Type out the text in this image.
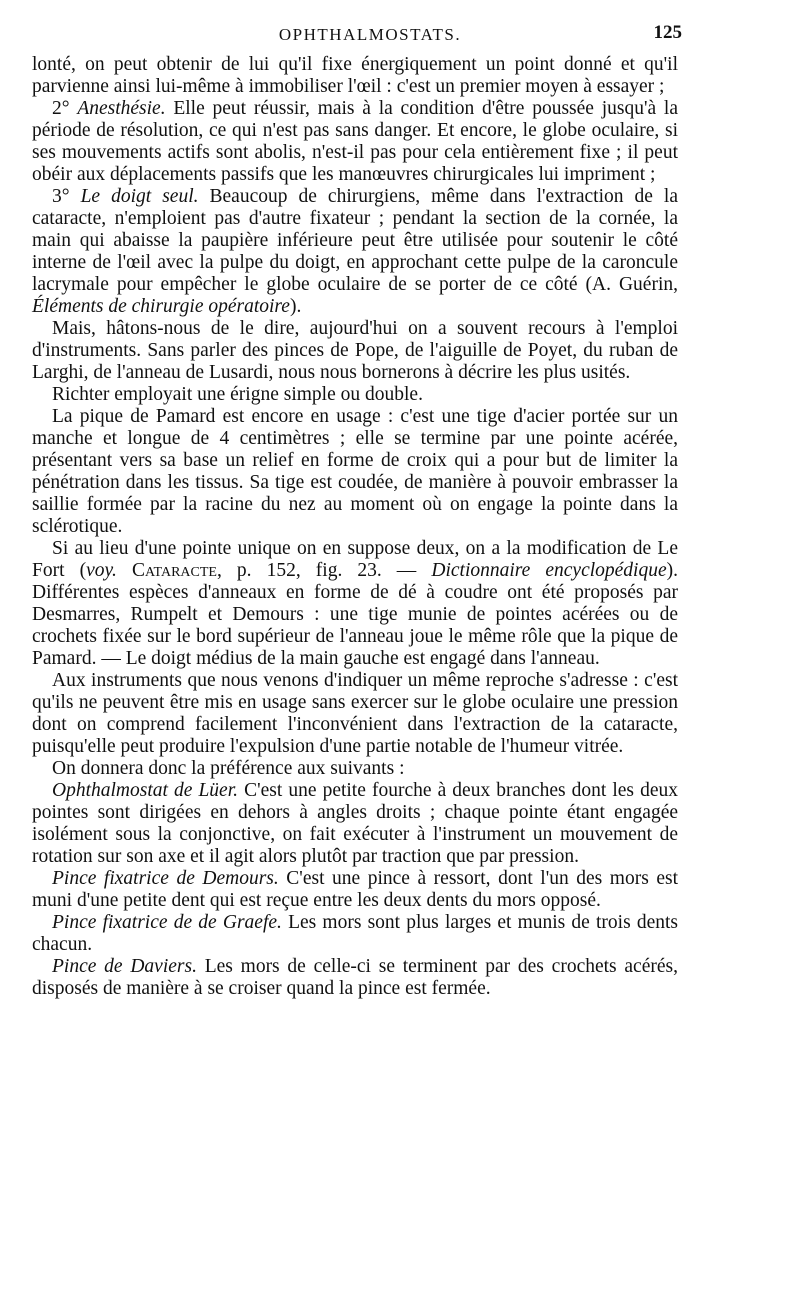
OPHTHALMOSTATS.	125

lonté, on peut obtenir de lui qu'il fixe énergiquement un point donné et qu'il parvienne ainsi lui-même à immobiliser l'œil : c'est un premier moyen à essayer ;

2° Anesthésie. Elle peut réussir, mais à la condition d'être poussée jusqu'à la période de résolution, ce qui n'est pas sans danger. Et encore, le globe oculaire, si ses mouvements actifs sont abolis, n'est-il pas pour cela entièrement fixe ; il peut obéir aux déplacements passifs que les manœuvres chirurgicales lui impriment ;

3° Le doigt seul. Beaucoup de chirurgiens, même dans l'extraction de la cataracte, n'emploient pas d'autre fixateur ; pendant la section de la cornée, la main qui abaisse la paupière inférieure peut être utilisée pour soutenir le côté interne de l'œil avec la pulpe du doigt, en approchant cette pulpe de la caroncule lacrymale pour empêcher le globe oculaire de se porter de ce côté (A. Guérin, Éléments de chirurgie opératoire).

Mais, hâtons-nous de le dire, aujourd'hui on a souvent recours à l'emploi d'instruments. Sans parler des pinces de Pope, de l'aiguille de Poyet, du ruban de Larghi, de l'anneau de Lusardi, nous nous bornerons à décrire les plus usités.

Richter employait une érigne simple ou double.

La pique de Pamard est encore en usage : c'est une tige d'acier portée sur un manche et longue de 4 centimètres ; elle se termine par une pointe acérée, présentant vers sa base un relief en forme de croix qui a pour but de limiter la pénétration dans les tissus. Sa tige est coudée, de manière à pouvoir embrasser la saillie formée par la racine du nez au moment où on engage la pointe dans la sclérotique.

Si au lieu d'une pointe unique on en suppose deux, on a la modification de Le Fort (voy. Cataracte, p. 152, fig. 23. — Dictionnaire encyclopédique). Différentes espèces d'anneaux en forme de dé à coudre ont été proposés par Desmarres, Rumpelt et Demours : une tige munie de pointes acérées ou de crochets fixée sur le bord supérieur de l'anneau joue le même rôle que la pique de Pamard. — Le doigt médius de la main gauche est engagé dans l'anneau.

Aux instruments que nous venons d'indiquer un même reproche s'adresse : c'est qu'ils ne peuvent être mis en usage sans exercer sur le globe oculaire une pression dont on comprend facilement l'inconvénient dans l'extraction de la cataracte, puisqu'elle peut produire l'expulsion d'une partie notable de l'humeur vitrée.

On donnera donc la préférence aux suivants :

Ophthalmostat de Lüer. C'est une petite fourche à deux branches dont les deux pointes sont dirigées en dehors à angles droits ; chaque pointe étant engagée isolément sous la conjonctive, on fait exécuter à l'instrument un mouvement de rotation sur son axe et il agit alors plutôt par traction que par pression.

Pince fixatrice de Demours. C'est une pince à ressort, dont l'un des mors est muni d'une petite dent qui est reçue entre les deux dents du mors opposé.

Pince fixatrice de de Graefe. Les mors sont plus larges et munis de trois dents chacun.

Pince de Daviers. Les mors de celle-ci se terminent par des crochets acérés, disposés de manière à se croiser quand la pince est fermée.
